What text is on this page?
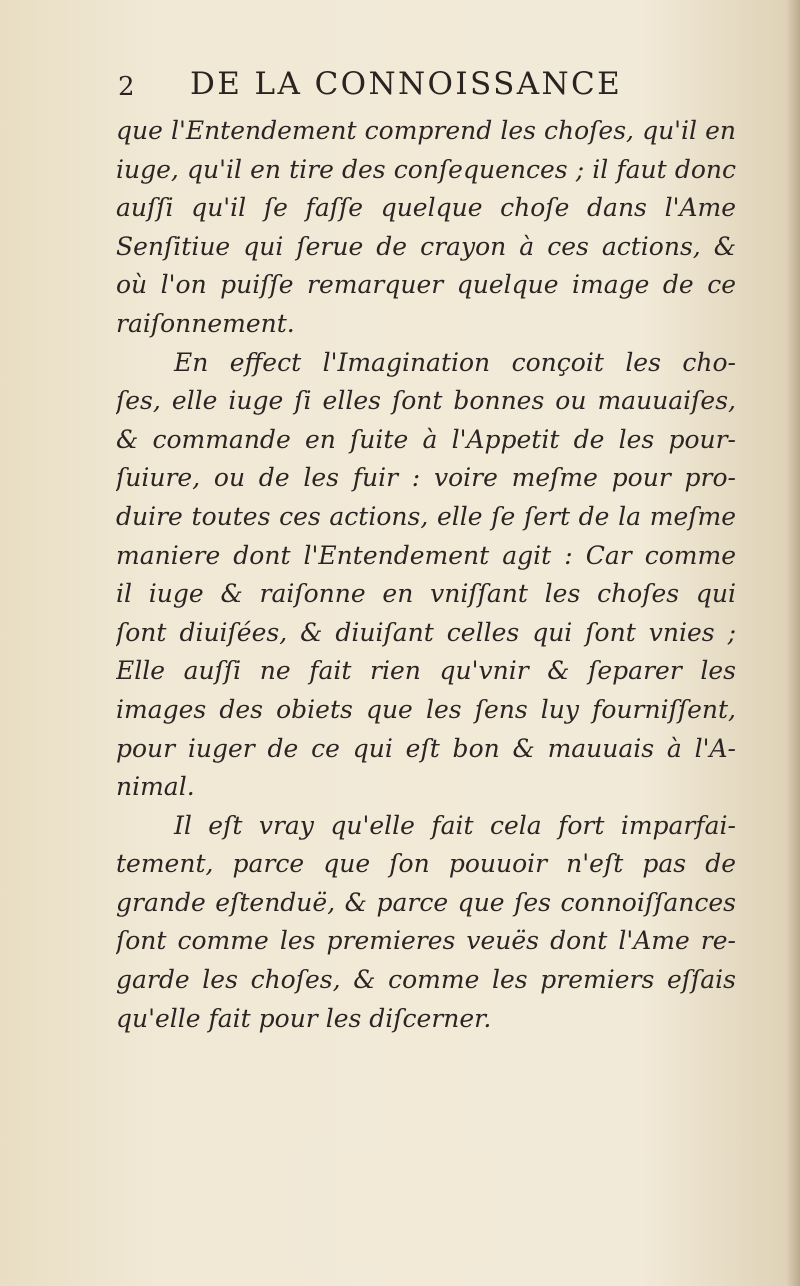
2 DE LA CONNOISSANCE
que l'Entendement comprend les choſes, qu'il en
iuge, qu'il en tire des conſequences ; il faut donc
auſſi qu'il ſe faſſe quelque choſe dans l'Ame
Senſitiue qui ſerue de crayon à ces actions, &
où l'on puiſſe remarquer quelque image de ce
raiſonnement.
En effect l'Imagination conçoit les cho-
ſes, elle iuge ſi elles ſont bonnes ou mauuaiſes,
& commande en ſuite à l'Appetit de les pour-
ſuiure, ou de les fuir : voire meſme pour pro-
duire toutes ces actions, elle ſe ſert de la meſme
maniere dont l'Entendement agit : Car comme
il iuge & raiſonne en vniſſant les choſes qui
ſont diuiſées, & diuiſant celles qui ſont vnies ;
Elle auſſi ne fait rien qu'vnir & ſeparer les
images des obiets que les ſens luy fourniſſent,
pour iuger de ce qui eſt bon & mauuais à l'A-
nimal.
Il eſt vray qu'elle fait cela fort imparfai-
tement, parce que ſon pouuoir n'eſt pas de
grande eſtenduë, & parce que ſes connoiſſances
ſont comme les premieres veuës dont l'Ame re-
garde les choſes, & comme les premiers eſſais
qu'elle fait pour les diſcerner.
